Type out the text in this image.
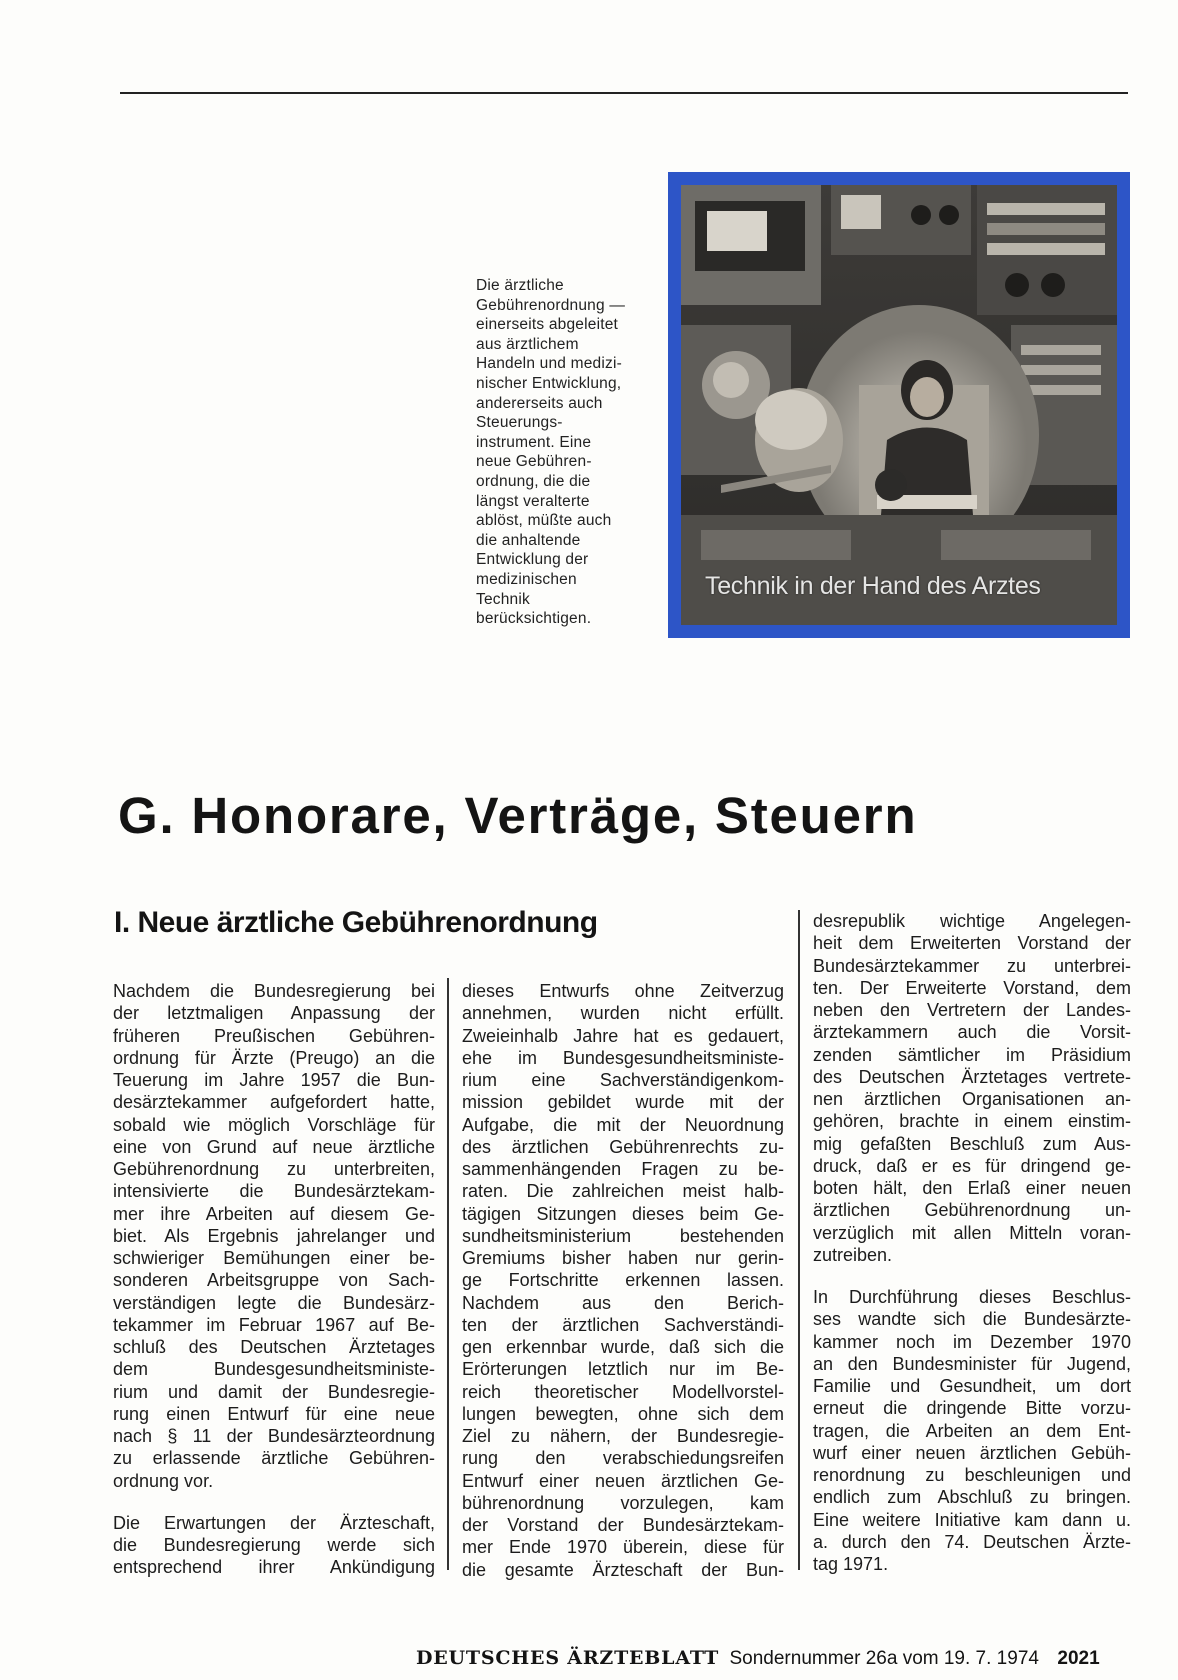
Die ärztliche
Gebührenordnung —
einerseits abgeleitet
aus ärztlichem
Handeln und medizi-
nischer Entwicklung,
andererseits auch
Steuerungs-
instrument. Eine
neue Gebühren-
ordnung, die die
längst veralterte
ablöst, müßte auch
die anhaltende
Entwicklung der
medizinischen
Technik
berücksichtigen.
Technik in der Hand des Arztes
G. Honorare, Verträge, Steuern
I. Neue ärztliche Gebührenordnung
Nachdem die Bundesregierung bei
der letztmaligen Anpassung der
früheren Preußischen Gebühren-
ordnung für Ärzte (Preugo) an die
Teuerung im Jahre 1957 die Bun-
desärztekammer aufgefordert hatte,
sobald wie möglich Vorschläge für
eine von Grund auf neue ärztliche
Gebührenordnung zu unterbreiten,
intensivierte die Bundesärztekam-
mer ihre Arbeiten auf diesem Ge-
biet. Als Ergebnis jahrelanger und
schwieriger Bemühungen einer be-
sonderen Arbeitsgruppe von Sach-
verständigen legte die Bundesärz-
tekammer im Februar 1967 auf Be-
schluß des Deutschen Ärztetages
dem Bundesgesundheitsministe-
rium und damit der Bundesregie-
rung einen Entwurf für eine neue
nach § 11 der Bundesärzteordnung
zu erlassende ärztliche Gebühren-
ordnung vor.
Die Erwartungen der Ärzteschaft,
die Bundesregierung werde sich
entsprechend ihrer Ankündigung
dieses Entwurfs ohne Zeitverzug
annehmen, wurden nicht erfüllt.
Zweieinhalb Jahre hat es gedauert,
ehe im Bundesgesundheitsministe-
rium eine Sachverständigenkom-
mission gebildet wurde mit der
Aufgabe, die mit der Neuordnung
des ärztlichen Gebührenrechts zu-
sammenhängenden Fragen zu be-
raten. Die zahlreichen meist halb-
tägigen Sitzungen dieses beim Ge-
sundheitsministerium bestehenden
Gremiums bisher haben nur gerin-
ge Fortschritte erkennen lassen.
Nachdem aus den Berich-
ten der ärztlichen Sachverständi-
gen erkennbar wurde, daß sich die
Erörterungen letztlich nur im Be-
reich theoretischer Modellvorstel-
lungen bewegten, ohne sich dem
Ziel zu nähern, der Bundesregie-
rung den verabschiedungsreifen
Entwurf einer neuen ärztlichen Ge-
bührenordnung vorzulegen, kam
der Vorstand der Bundesärztekam-
mer Ende 1970 überein, diese für
die gesamte Ärzteschaft der Bun-
desrepublik wichtige Angelegen-
heit dem Erweiterten Vorstand der
Bundesärztekammer zu unterbrei-
ten. Der Erweiterte Vorstand, dem
neben den Vertretern der Landes-
ärztekammern auch die Vorsit-
zenden sämtlicher im Präsidium
des Deutschen Ärztetages vertrete-
nen ärztlichen Organisationen an-
gehören, brachte in einem einstim-
mig gefaßten Beschluß zum Aus-
druck, daß er es für dringend ge-
boten hält, den Erlaß einer neuen
ärztlichen Gebührenordnung un-
verzüglich mit allen Mitteln voran-
zutreiben.
In Durchführung dieses Beschlus-
ses wandte sich die Bundesärzte-
kammer noch im Dezember 1970
an den Bundesminister für Jugend,
Familie und Gesundheit, um dort
erneut die dringende Bitte vorzu-
tragen, die Arbeiten an dem Ent-
wurf einer neuen ärztlichen Gebüh-
renordnung zu beschleunigen und
endlich zum Abschluß zu bringen.
Eine weitere Initiative kam dann u.
a. durch den 74. Deutschen Ärzte-
tag 1971.
DEUTSCHES ÄRZTEBLATT Sondernummer 26a vom 19. 7. 1974 2021
